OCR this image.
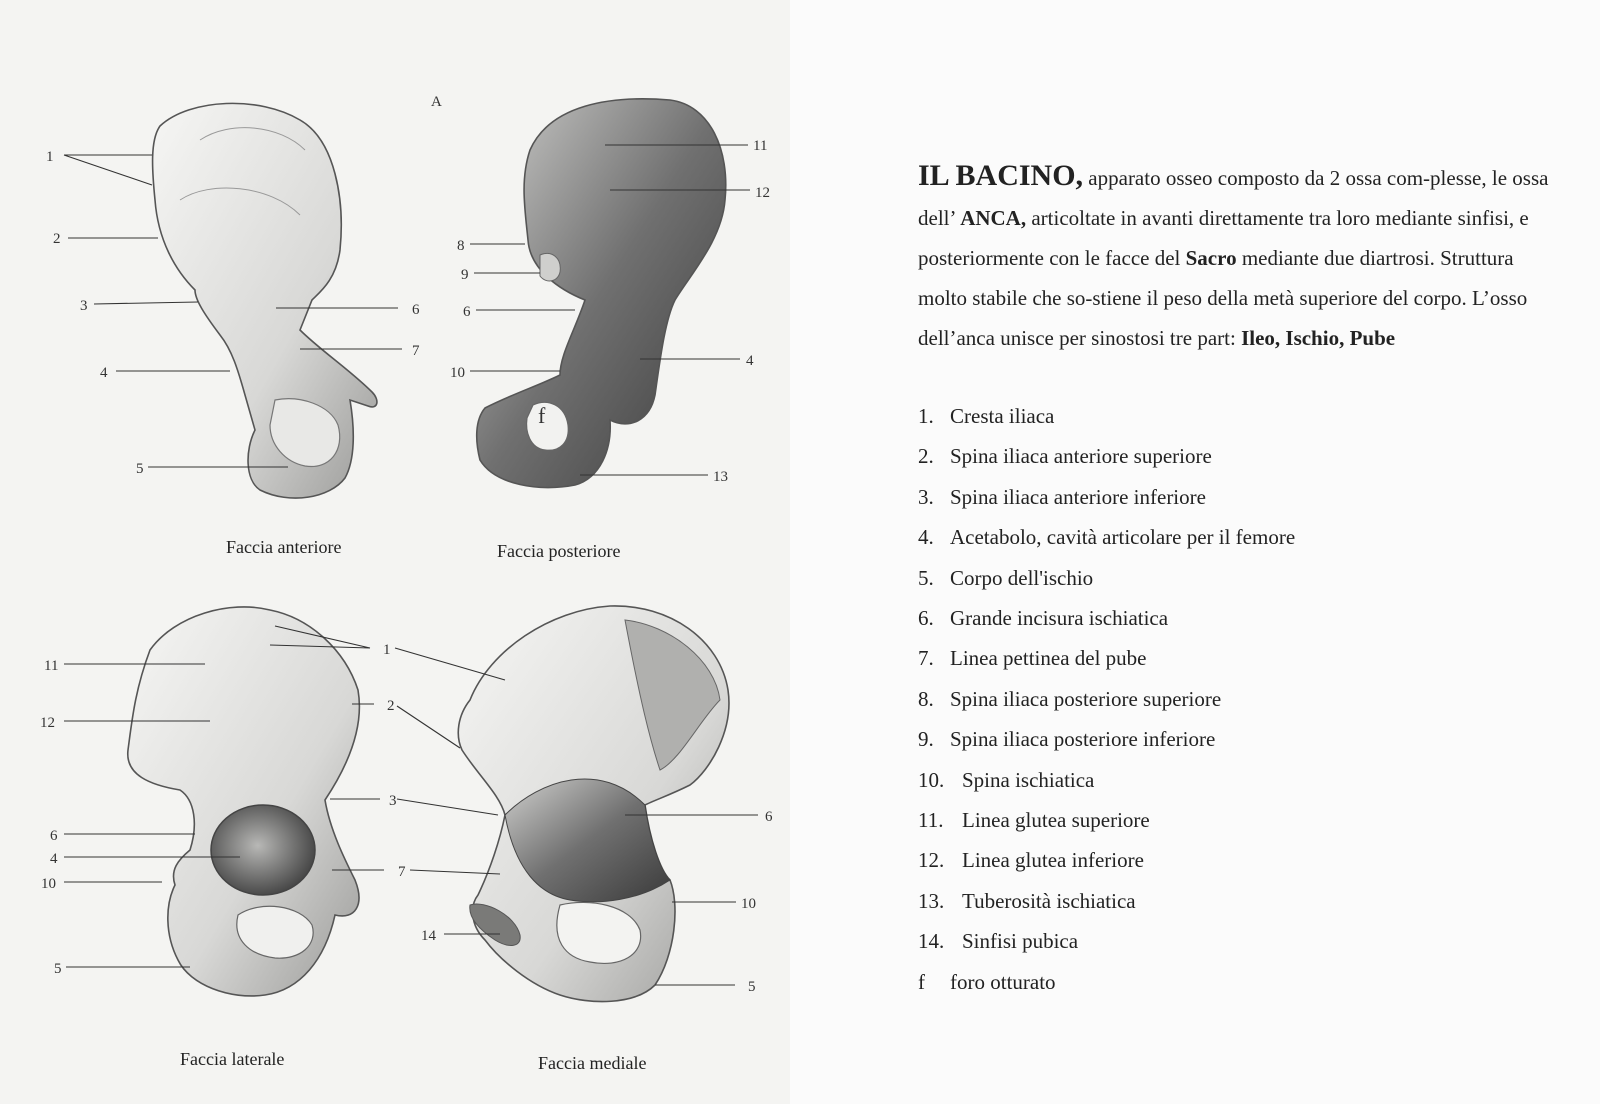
A
f
1
2
3
4
5
6
7
11
12
8
9
6
4
10
13
11
12
1
2
3
6
4
10
5
6
7
10
14
5
Faccia anteriore	Faccia posteriore
Faccia laterale	Faccia mediale

IL BACINO, apparato osseo composto da 2 ossa com-plesse, le ossa dell’ ANCA, articoltate in avanti direttamente tra loro mediante sinfisi, e posteriormente con le facce del Sacro mediante due diartrosi. Struttura molto stabile che so-stiene il peso della metà superiore del corpo. L’osso dell’anca unisce per sinostosi tre part: Ileo, Ischio, Pube

1. Cresta iliaca
2. Spina iliaca anteriore superiore
3. Spina iliaca anteriore inferiore
4. Acetabolo, cavità articolare per il femore
5. Corpo dell'ischio
6. Grande incisura ischiatica
7. Linea pettinea del pube
8. Spina iliaca posteriore superiore
9. Spina iliaca posteriore inferiore
10. Spina ischiatica
11. Linea glutea superiore
12. Linea glutea inferiore
13. Tuberosità ischiatica
14. Sinfisi pubica
f foro otturato
